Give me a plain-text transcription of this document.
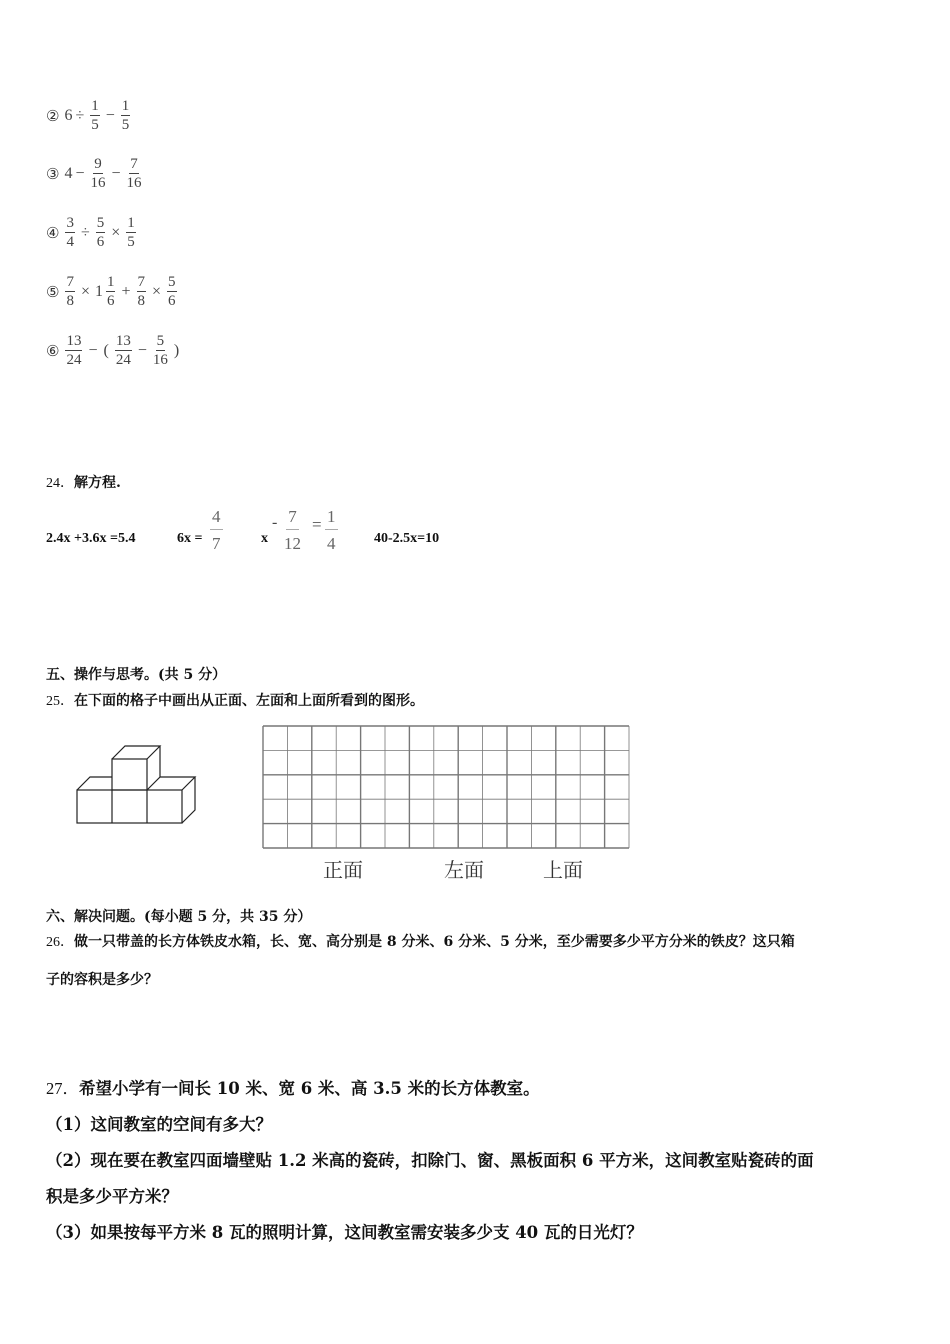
② $6 \div \frac{1}{5} - \frac{1}{5}$
③ $4 - \frac{9}{16} - \frac{7}{16}$
④ $\frac{3}{4} \div \frac{5}{6} \times \frac{1}{5}$
⑤ $\frac{7}{8} \times 1 \frac{1}{6} + \frac{7}{8} \times \frac{5}{6}$
⑥ $\frac{13}{24}$ − ( $\frac{13}{24} - \frac{5}{16}$ )
24．解方程.
2.4x +3.6x =5.4	$6x = \frac{4}{7}$	x
- $\frac{7}{12} = \frac{1}{4}$	40-2.5x=10
五、操作与思考。(共 5 分）
25．在下面的格子中画出从正面、左面和上面所看到的图形。
正面	左面	上面
六、解决问题。(每小题 5 分，共 35 分）
26．做一只带盖的长方体铁皮水箱，长、宽、高分别是 8 分米、6 分米、5 分米，至少需要多少平方分米的铁皮？这只箱
子的容积是多少？
27．希望小学有一间长 10 米、宽 6 米、高 3.5 米的长方体教室。
（1）这间教室的空间有多大？
（2）现在要在教室四面墙壁贴 1.2 米高的瓷砖，扣除门、窗、黑板面积 6 平方米，这间教室贴瓷砖的面
积是多少平方米？
（3）如果按每平方米 8 瓦的照明计算，这间教室需安装多少支 40 瓦的日光灯？
